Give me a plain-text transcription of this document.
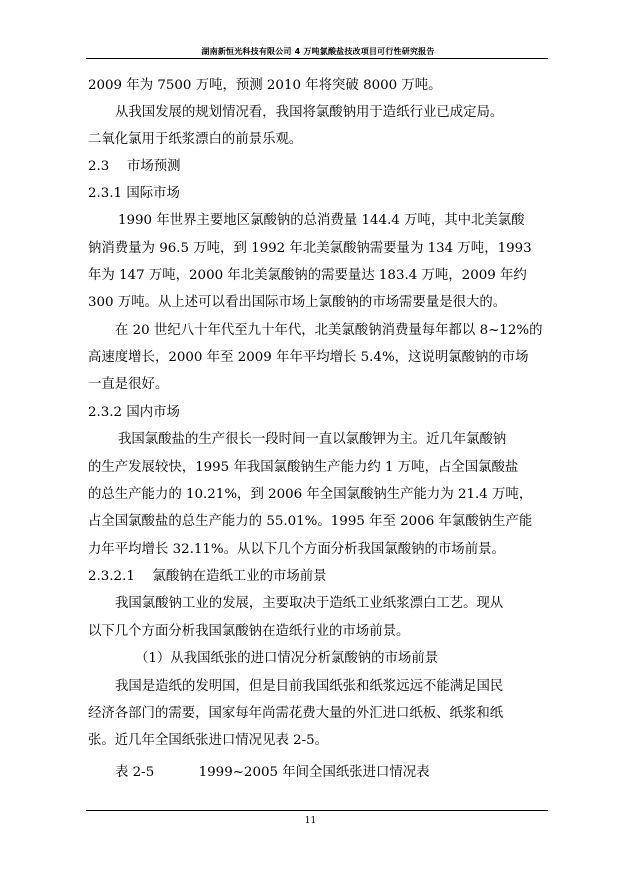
湖南新恒光科技有限公司 4 万吨氯酸盐技改项目可行性研究报告
2009 年为 7500 万吨，预测 2010 年将突破 8000 万吨。
从我国发展的规划情况看，我国将氯酸钠用于造纸行业已成定局。
二氧化氯用于纸浆漂白的前景乐观。
2.3　 市场预测
2.3.1 国际市场
1990 年世界主要地区氯酸钠的总消费量 144.4 万吨，其中北美氯酸
钠消费量为 96.5 万吨，到 1992 年北美氯酸钠需要量为 134 万吨，1993
年为 147 万吨，2000 年北美氯酸钠的需要量达 183.4 万吨，2009 年约
300 万吨。从上述可以看出国际市场上氯酸钠的市场需要量是很大的。
在 20 世纪八十年代至九十年代，北美氯酸钠消费量每年都以 8~12%的
高速度增长，2000 年至 2009 年年平均增长 5.4%，这说明氯酸钠的市场
一直是很好。
2.3.2 国内市场
我国氯酸盐的生产很长一段时间一直以氯酸钾为主。近几年氯酸钠
的生产发展较快，1995 年我国氯酸钠生产能力约 1 万吨，占全国氯酸盐
的总生产能力的 10.21%，到 2006 年全国氯酸钠生产能力为 21.4 万吨，
占全国氯酸盐的总生产能力的 55.01%。1995 年至 2006 年氯酸钠生产能
力年平均增长 32.11%。从以下几个方面分析我国氯酸钠的市场前景。
2.3.2.1　 氯酸钠在造纸工业的市场前景
我国氯酸钠工业的发展，主要取决于造纸工业纸浆漂白工艺。现从
以下几个方面分析我国氯酸钠在造纸行业的市场前景。
（1）从我国纸张的进口情况分析氯酸钠的市场前景
我国是造纸的发明国，但是目前我国纸张和纸浆远远不能满足国民
经济各部门的需要，国家每年尚需花费大量的外汇进口纸板、纸浆和纸
张。近几年全国纸张进口情况见表 2-5。
表 2-5　　　 1999~2005 年间全国纸张进口情况表
11
